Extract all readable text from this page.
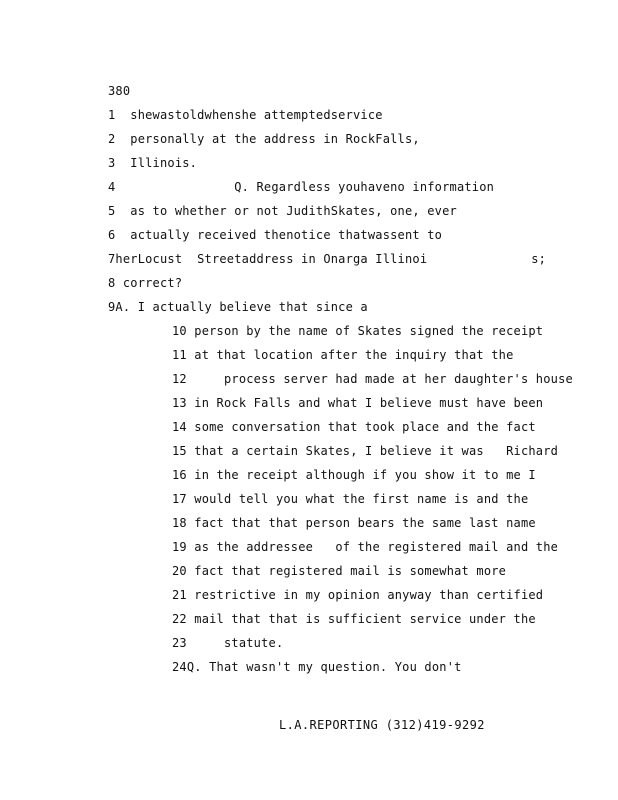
380
1  shewastoldwhenshe attemptedservice
2  personally at the address in RockFalls,
3  Illinois.
4                Q. Regardless youhaveno information
5  as to whether or not JudithSkates, one, ever
6  actually received thenotice thatwassent to
7herLocust  Streetaddress in Onarga Illinoi              s;
8 correct?
9A. I actually believe that since a
10 person by the name of Skates signed the receipt
11 at that location after the inquiry that the
12     process server had made at her daughter's house
13 in Rock Falls and what I believe must have been
14 some conversation that took place and the fact
15 that a certain Skates, I believe it was   Richard
16 in the receipt although if you show it to me I
17 would tell you what the first name is and the
18 fact that that person bears the same last name
19 as the addressee   of the registered mail and the
20 fact that registered mail is somewhat more
21 restrictive in my opinion anyway than certified
22 mail that that is sufficient service under the
23     statute.
24Q. That wasn't my question. You don't
L.A.REPORTING (312)419-9292
